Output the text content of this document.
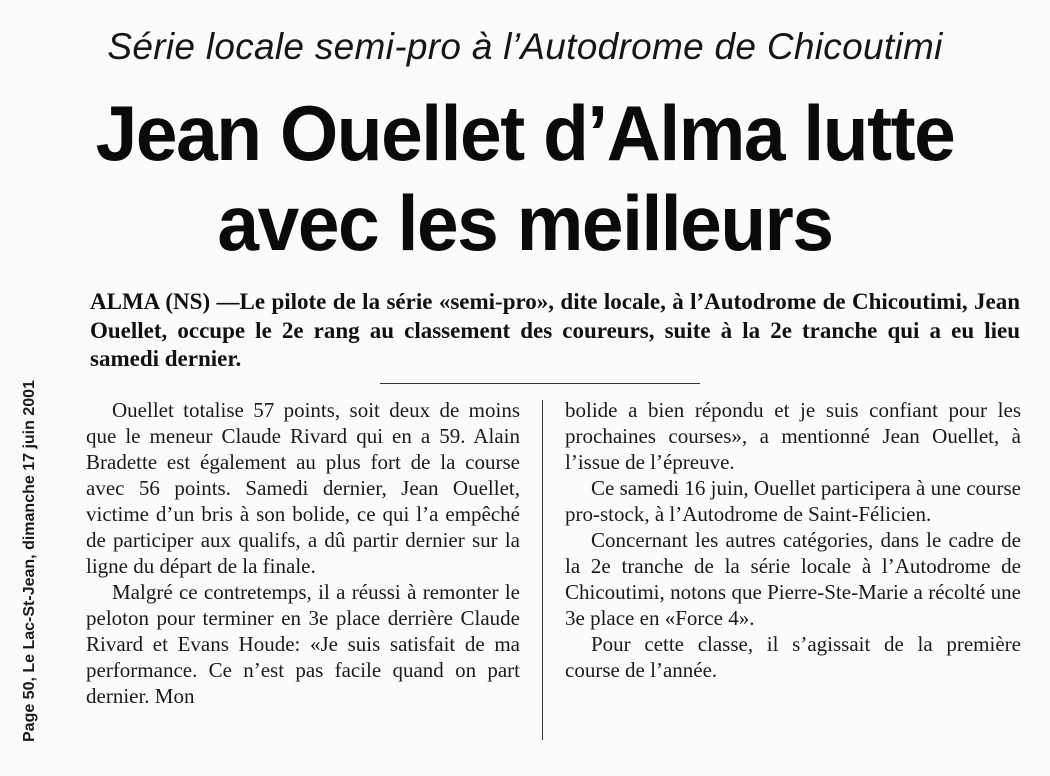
Page 50, Le Lac-St-Jean, dimanche 17 juin 2001
Série locale semi-pro à l’Autodrome de Chicoutimi
Jean Ouellet d’Alma lutte
avec les meilleurs
ALMA (NS) —Le pilote de la série «semi-pro», dite locale, à l’Autodrome de Chicoutimi, Jean Ouellet, occupe le 2e rang au classement des coureurs, suite à la 2e tranche qui a eu lieu samedi dernier.

Ouellet totalise 57 points, soit deux de moins que le meneur Claude Rivard qui en a 59. Alain Bradette est également au plus fort de la course avec 56 points. Samedi dernier, Jean Ouellet, victime d’un bris à son bolide, ce qui l’a empêché de participer aux qualifs, a dû partir dernier sur la ligne du départ de la finale.

Malgré ce contretemps, il a réussi à remonter le peloton pour terminer en 3e place derrière Claude Rivard et Evans Houde: «Je suis satisfait de ma performance. Ce n’est pas facile quand on part dernier. Mon

bolide a bien répondu et je suis confiant pour les prochaines courses», a mentionné Jean Ouellet, à l’issue de l’épreuve.

Ce samedi 16 juin, Ouellet participera à une course pro-stock, à l’Autodrome de Saint-Félicien.

Concernant les autres catégories, dans le cadre de la 2e tranche de la série locale à l’Autodrome de Chicoutimi, notons que Pierre-Ste-Marie a récolté une 3e place en «Force 4».

Pour cette classe, il s’agissait de la première course de l’année.
